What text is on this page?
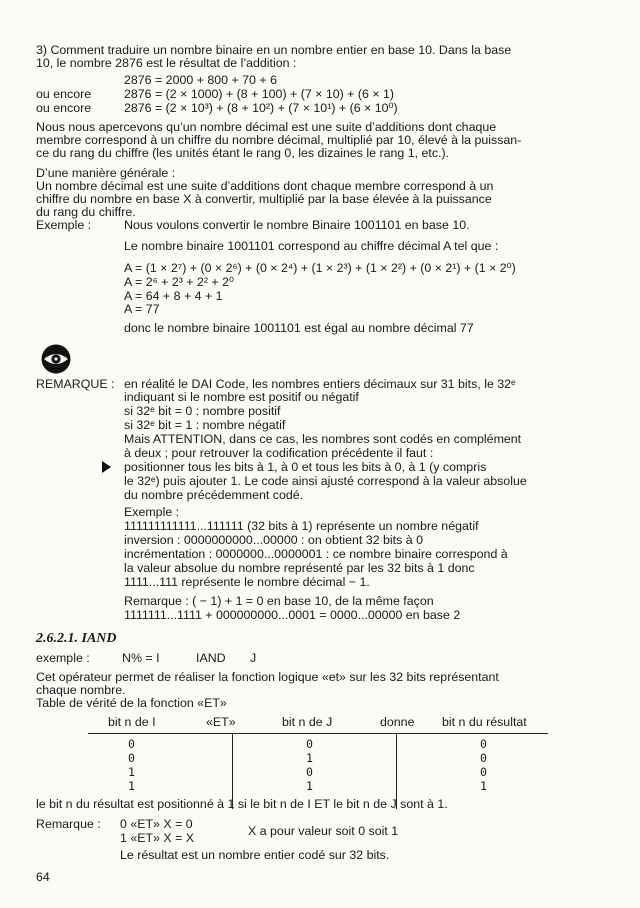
3) Comment traduire un nombre binaire en un nombre entier en base 10. Dans la base
10, le nombre 2876 est le résultat de l’addition :
2876 = 2000 + 800 + 70 + 6
ou encore	2876 = (2 × 1000) + (8 + 100) + (7 × 10) + (6 × 1)
ou encore	2876 = (2 × 10³) + (8 + 10²) + (7 × 10¹) + (6 × 10⁰)
Nous nous apercevons qu’un nombre décimal est une suite d’additions dont chaque
membre correspond à un chiffre du nombre décimal, multiplié par 10, élevé à la puissan-
ce du rang du chiffre (les unités étant le rang 0, les dizaines le rang 1, etc.).
D’une manière générale :
Un nombre décimal est une suite d’additions dont chaque membre correspond à un
chiffre du nombre en base X à convertir, multiplié par la base élevée à la puissance
du rang du chiffre.
Exemple :	Nous voulons convertir le nombre Binaire 1001101 en base 10.
Le nombre binaire 1001101 correspond au chiffre décimal A tel que :
A = (1 × 2⁷) + (0 × 2⁶) + (0 × 2⁴) + (1 × 2³) + (1 × 2²) + (0 × 2¹) + (1 × 2⁰)
A = 2⁶ + 2³ + 2² + 2⁰
A = 64 + 8 + 4 + 1
A = 77
donc le nombre binaire 1001101 est égal au nombre décimal 77
REMARQUE : en réalité le DAI Code, les nombres entiers décimaux sur 31 bits, le 32ᵉ
indiquant si le nombre est positif ou négatif
si 32ᵉ bit = 0 : nombre positif
si 32ᵉ bit = 1 : nombre négatif
Mais ATTENTION, dans ce cas, les nombres sont codés en complément
à deux ; pour retrouver la codification précédente il faut :
positionner tous les bits à 1, à 0 et tous les bits à 0, à 1 (y compris
le 32ᵉ) puis ajouter 1. Le code ainsi ajusté correspond à la valeur absolue
du nombre précédemment codé.
Exemple :
111111111111...111111 (32 bits à 1) représente un nombre négatif
inversion : 0000000000...00000 : on obtient 32 bits à 0
incrémentation : 0000000...0000001 : ce nombre binaire correspond à
la valeur absolue du nombre représenté par les 32 bits à 1 donc
1111...111 représente le nombre décimal − 1.
Remarque : ( − 1) + 1 = 0 en base 10, de la même façon
1111111...1111 + 000000000...0001 = 0000...00000 en base 2
2.6.2.1. IAND
exemple :	N% = I	IAND J
Cet opérateur permet de réaliser la fonction logique «et» sur les 32 bits représentant
chaque nombre.
Table de vérité de la fonction «ET»
bit n de I	«ET»	bit n de J	donne bit n du résultat
0	0	0
0	1	0
1	0	0
1	1	1
le bit n du résultat est positionné à 1 si le bit n de I ET le bit n de J sont à 1.
Remarque : 0 «ET» X = 0
1 «ET» X = X	X a pour valeur soit 0 soit 1
Le résultat est un nombre entier codé sur 32 bits.
64
